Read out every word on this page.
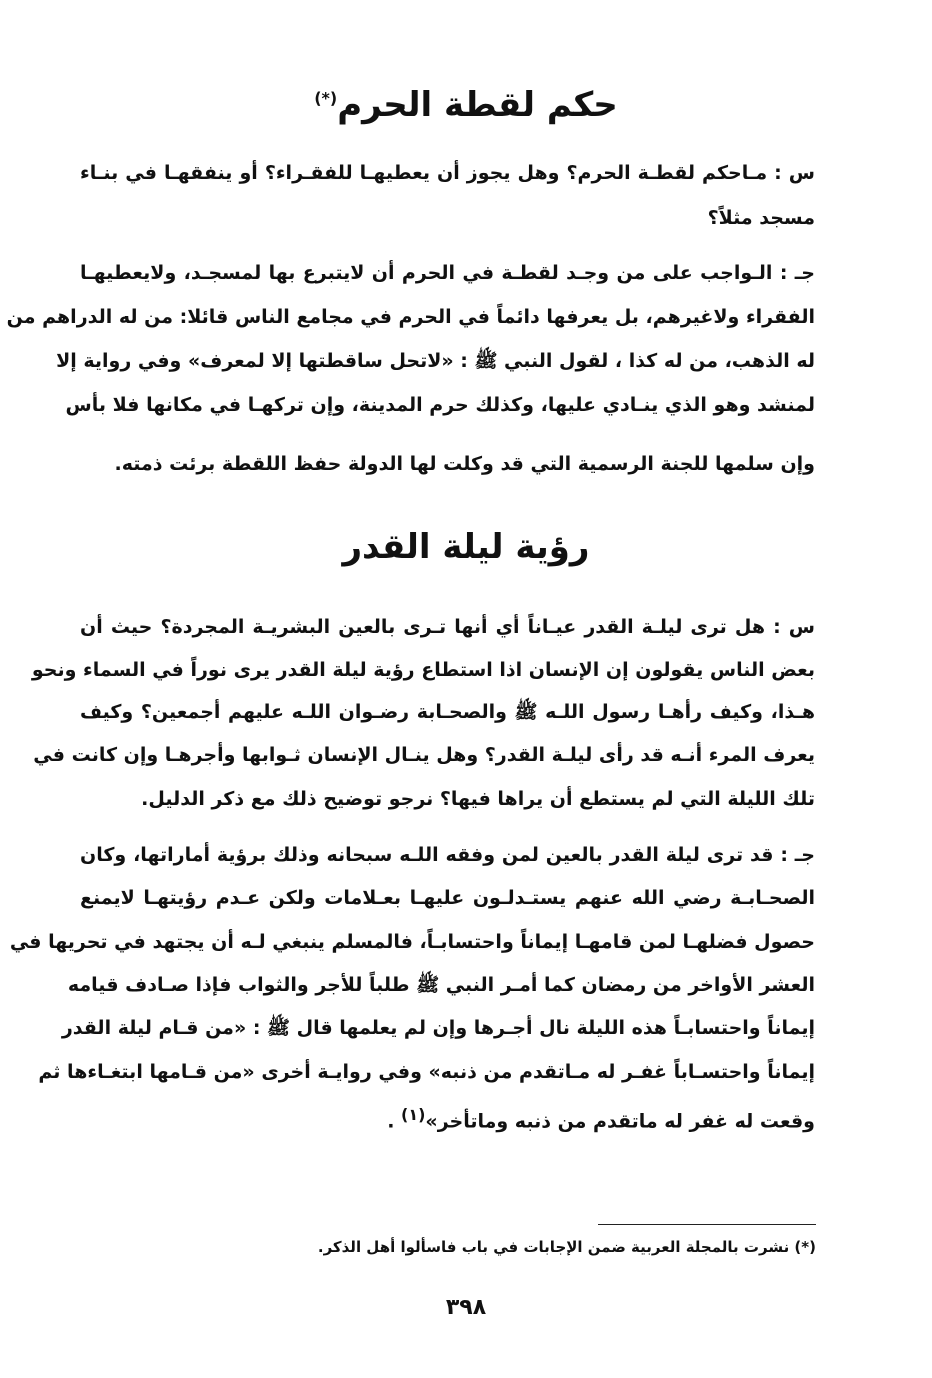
حكم لقطة الحرم(*)
س : مـاحكم لقطـة الحرم؟ وهل يجوز أن يعطيهـا للفقـراء؟ أو ينفقهـا في بنـاء
مسجد مثلاً؟
جـ : الـواجب على من وجـد لقطـة في الحرم أن لايتبرع بها لمسجـد، ولايعطيهـا
الفقراء ولاغيرهم، بل يعرفها دائماً في الحرم في مجامع الناس قائلا: من له الدراهم من
له الذهب، من له كذا ، لقول النبي ﷺ : «لاتحل ساقطتها إلا لمعرف» وفي رواية إلا
لمنشد وهو الذي ينـادي عليها، وكذلك حرم المدينة، وإن تركهـا في مكانها فلا بأس
وإن سلمها للجنة الرسمية التي قد وكلت لها الدولة حفظ اللقطة برئت ذمته.
رؤية ليلة القدر
س : هل ترى ليلـة القدر عيـاناً أي أنها تـرى بالعين البشريـة المجردة؟ حيث أن
بعض الناس يقولون إن الإنسان اذا استطاع رؤية ليلة القدر يرى نوراً في السماء ونحو
هـذا، وكيف رأهـا رسول اللـه ﷺ والصحـابة رضـوان اللـه عليهم أجمعين؟ وكيف
يعرف المرء أنـه قد رأى ليلـة القدر؟ وهل ينـال الإنسان ثـوابها وأجرهـا وإن كانت في
تلك الليلة التي لم يستطع أن يراها فيها؟ نرجو توضيح ذلك مع ذكر الدليل.
جـ : قد ترى ليلة القدر بالعين لمن وفقه اللـه سبحانه وذلك برؤية أماراتها، وكان
الصحـابـة رضي الله عنهم يستـدلـون عليهـا بعـلامات ولكن عـدم رؤيتهـا لايمنع
حصول فضلهـا لمن قامهـا إيماناً واحتسابـاً، فالمسلم ينبغي لـه أن يجتهد في تحريها في
العشر الأواخر من رمضان كما أمـر النبي ﷺ طلباً للأجر والثواب فإذا صـادف قيامه
إيماناً واحتسابـاً هذه الليلة نال أجـرها وإن لم يعلمها قال ﷺ : «من قـام ليلة القدر
إيماناً واحتسـاباً غفـر له مـاتقدم من ذنبه» وفي روايـة أخرى «من قـامها ابتغـاءها ثم
وقعت له غفر له ماتقدم من ذنبه وماتأخر»$^{(١)}$ .
(*) نشرت بالمجلة العربية ضمن الإجابات في باب فاسألوا أهل الذكر.
٣٩٨
